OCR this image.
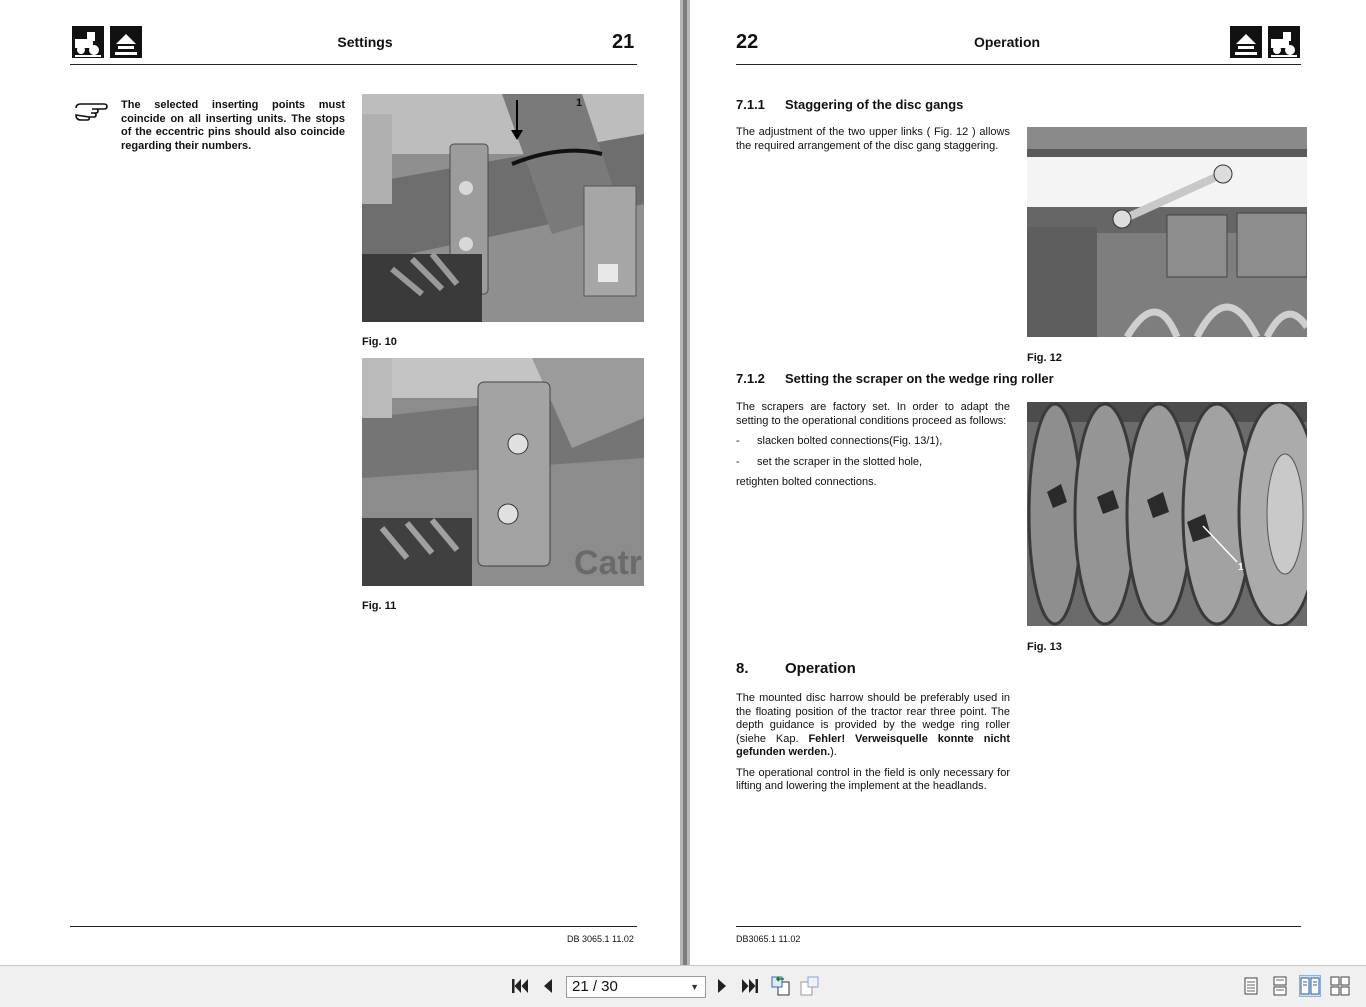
Settings	21
The selected inserting points must coincide on all inserting units. The stops of the eccentric pins should also coincide regarding their numbers.
1
Fig. 10
Catr
Fig. 11
DB 3065.1 11.02
22	Operation
7.1.1 Staggering of the disc gangs
The adjustment of the two upper links ( Fig. 12 ) allows the required arrangement of the disc gang staggering.
Fig. 12
7.1.2 Setting the scraper on the wedge ring roller

The scrapers are factory set. In order to adapt the setting to the operational conditions proceed as follows:

-	slacken bolted connections(Fig. 13/1),
-	set the scraper in the slotted hole,

retighten bolted connections.

1
Fig. 13
8. Operation

The mounted disc harrow should be preferably used in the floating position of the tractor rear three point. The depth guidance is provided by the wedge ring roller (siehe Kap. Fehler! Verweisquelle konnte nicht gefunden werden.).

The operational control in the field is only necessary for lifting and lowering the implement at the headlands.

DB3065.1 11.02
21 / 30	▼
